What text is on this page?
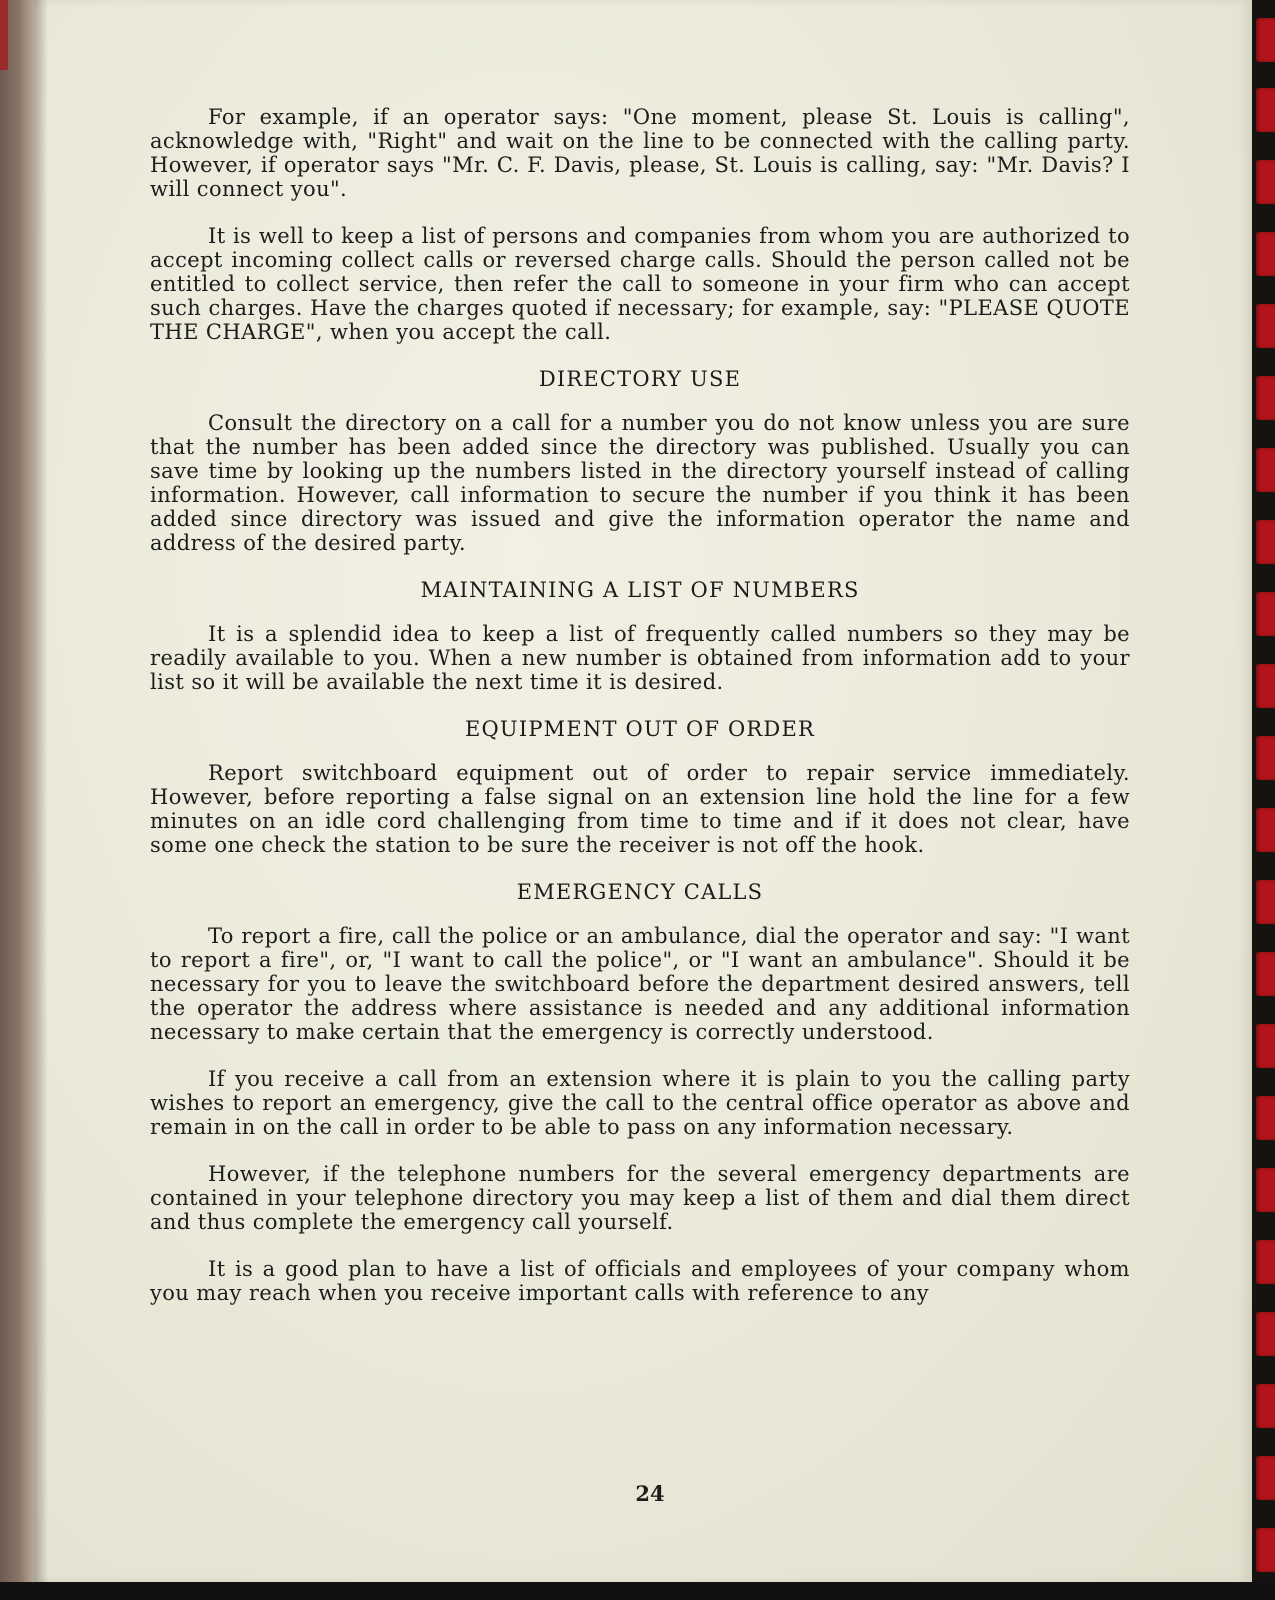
For example, if an operator says: "One moment, please St. Louis is calling", acknowledge with, "Right" and wait on the line to be connected with the calling party. However, if operator says "Mr. C. F. Davis, please, St. Louis is calling, say: "Mr. Davis? I will connect you".

It is well to keep a list of persons and companies from whom you are authorized to accept incoming collect calls or reversed charge calls. Should the person called not be entitled to collect service, then refer the call to someone in your firm who can accept such charges. Have the charges quoted if necessary; for example, say: "PLEASE QUOTE THE CHARGE", when you accept the call.

DIRECTORY USE

Consult the directory on a call for a number you do not know unless you are sure that the number has been added since the directory was published. Usually you can save time by looking up the numbers listed in the directory yourself instead of calling information. However, call information to secure the number if you think it has been added since directory was issued and give the information operator the name and address of the desired party.

MAINTAINING A LIST OF NUMBERS

It is a splendid idea to keep a list of frequently called numbers so they may be readily available to you. When a new number is obtained from information add to your list so it will be available the next time it is desired.

EQUIPMENT OUT OF ORDER

Report switchboard equipment out of order to repair service immediately. However, before reporting a false signal on an extension line hold the line for a few minutes on an idle cord challenging from time to time and if it does not clear, have some one check the station to be sure the receiver is not off the hook.

EMERGENCY CALLS

To report a fire, call the police or an ambulance, dial the operator and say: "I want to report a fire", or, "I want to call the police", or "I want an ambulance". Should it be necessary for you to leave the switchboard before the department desired answers, tell the operator the address where assistance is needed and any additional information necessary to make certain that the emergency is correctly understood.

If you receive a call from an extension where it is plain to you the calling party wishes to report an emergency, give the call to the central office operator as above and remain in on the call in order to be able to pass on any information necessary.

However, if the telephone numbers for the several emergency departments are contained in your telephone directory you may keep a list of them and dial them direct and thus complete the emergency call yourself.

It is a good plan to have a list of officials and employees of your company whom you may reach when you receive important calls with reference to any

24
